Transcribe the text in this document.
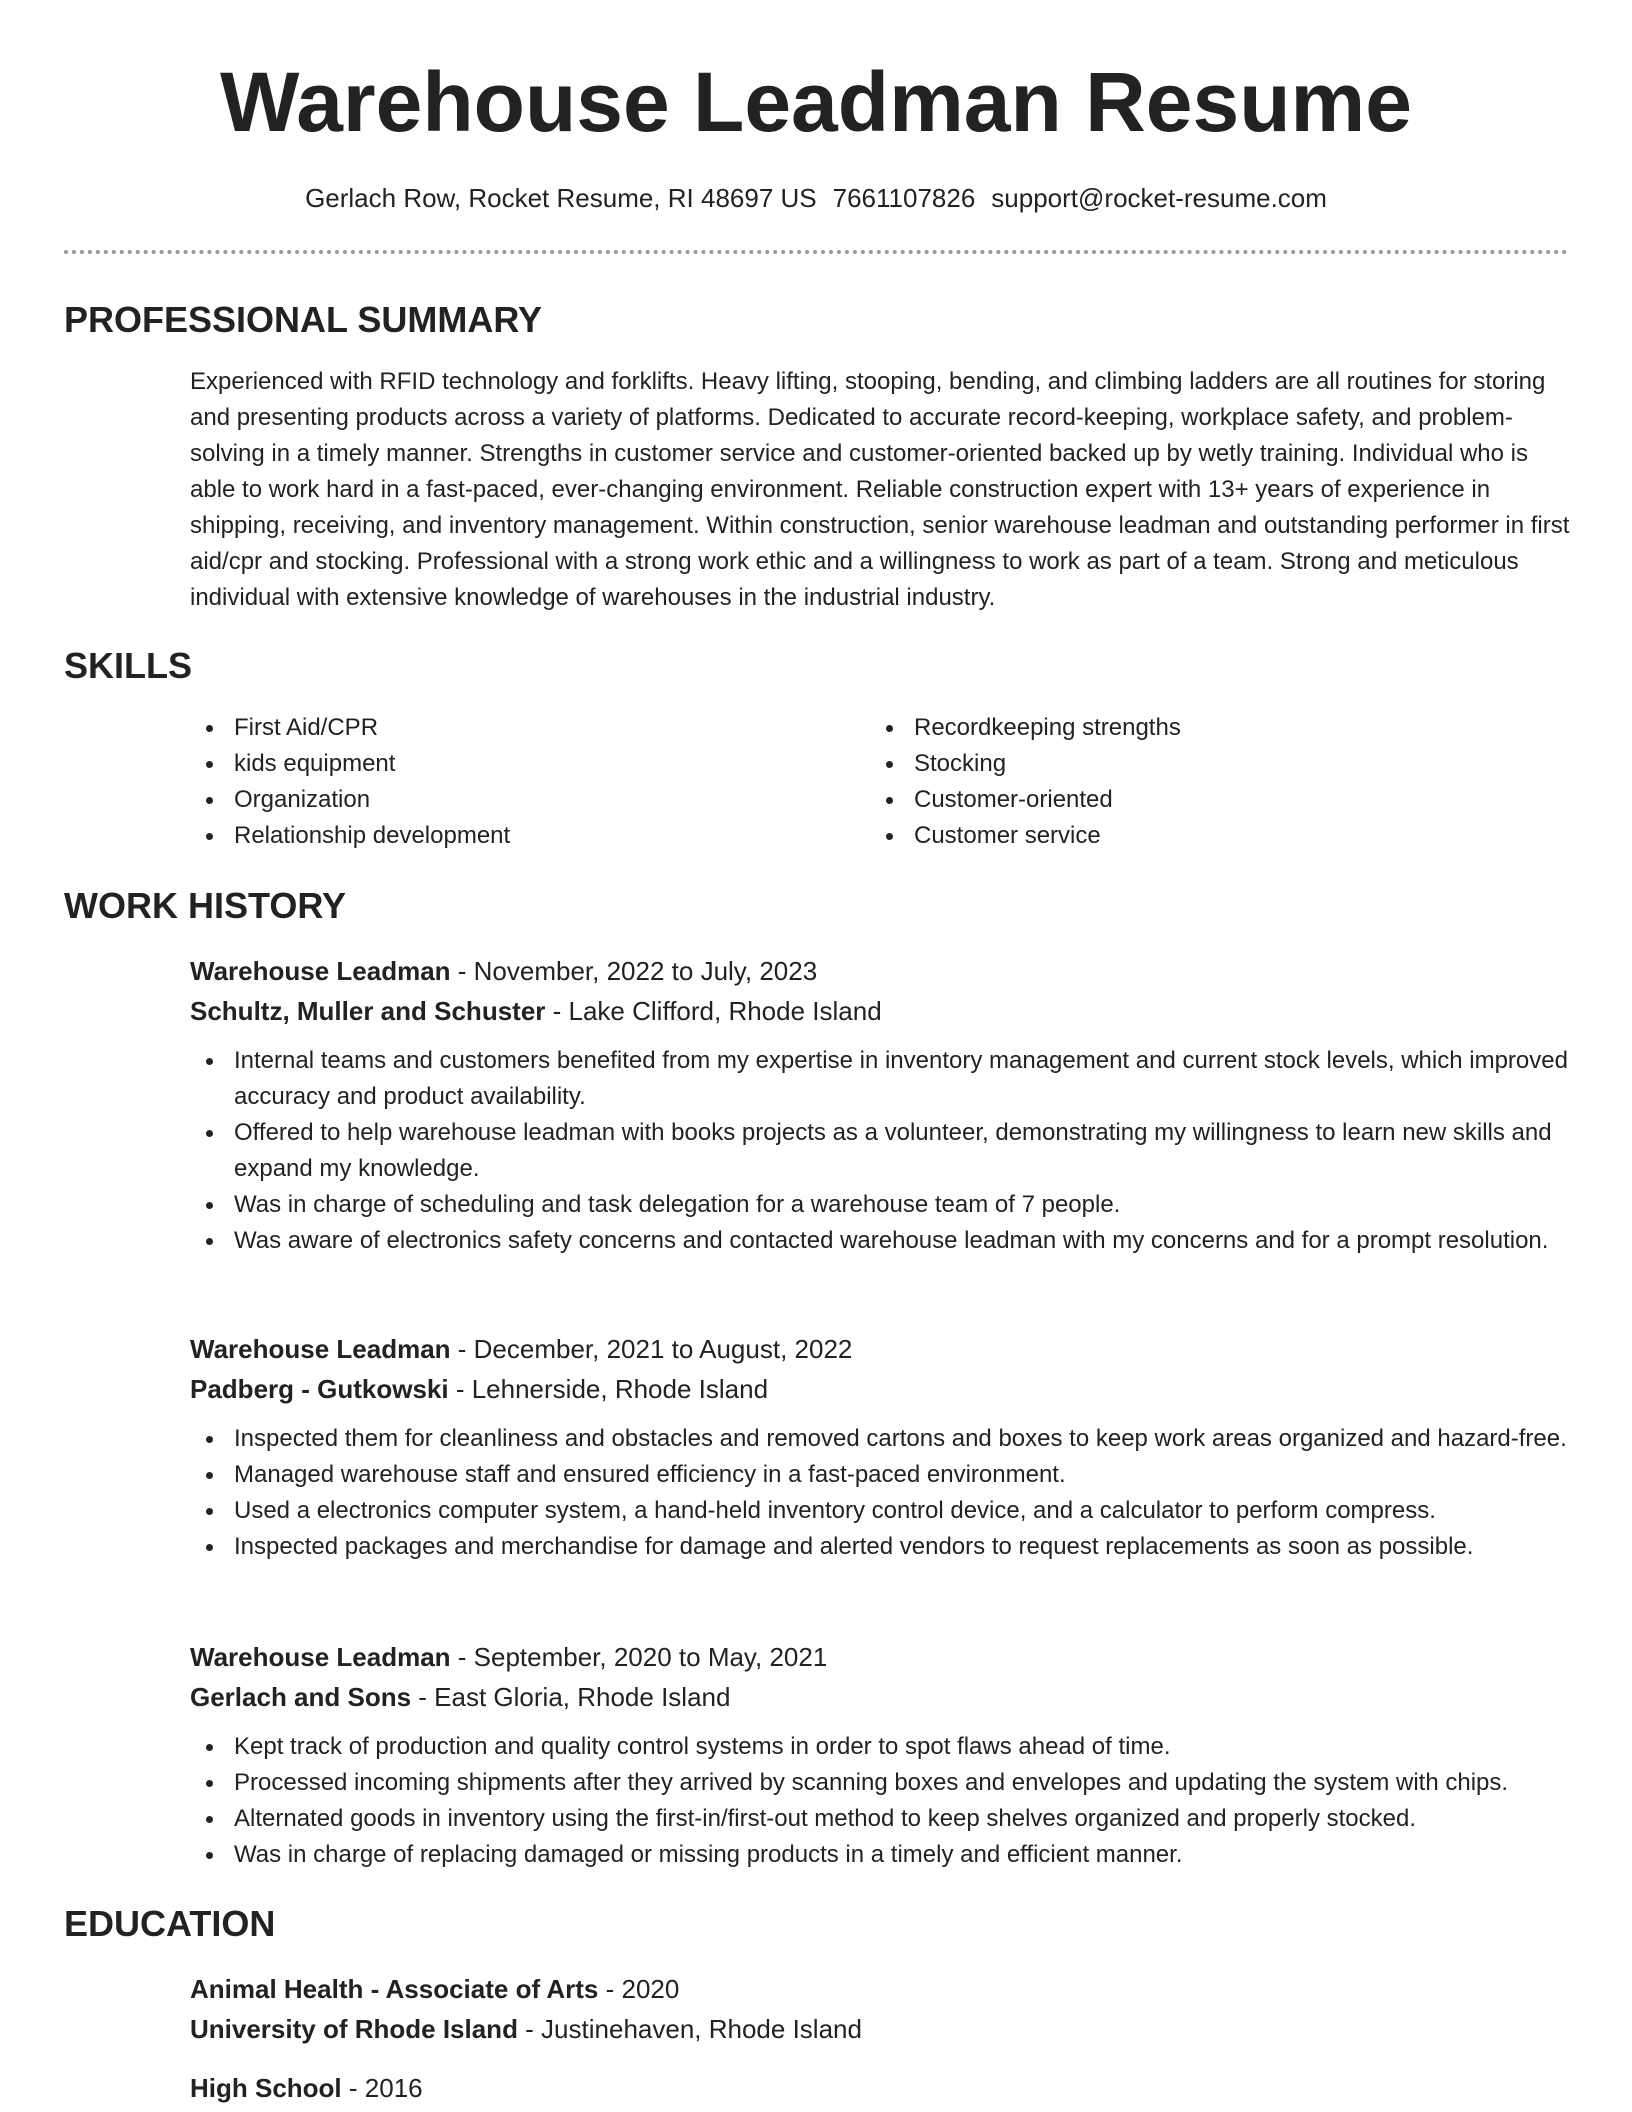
Warehouse Leadman Resume
Gerlach Row, Rocket Resume, RI 48697 US 7661107826 support@rocket-resume.com
PROFESSIONAL SUMMARY

Experienced with RFID technology and forklifts. Heavy lifting, stooping, bending, and climbing ladders are all routines for storing and presenting products across a variety of platforms. Dedicated to accurate record-keeping, workplace safety, and problem-solving in a timely manner. Strengths in customer service and customer-oriented backed up by wetly training. Individual who is able to work hard in a fast-paced, ever-changing environment. Reliable construction expert with 13+ years of experience in shipping, receiving, and inventory management. Within construction, senior warehouse leadman and outstanding performer in first aid/cpr and stocking. Professional with a strong work ethic and a willingness to work as part of a team. Strong and meticulous individual with extensive knowledge of warehouses in the industrial industry.

SKILLS
First Aid/CPR	Recordkeeping strengths
kids equipment	Stocking
Organization	Customer-oriented
Relationship development	Customer service
WORK HISTORY
Warehouse Leadman - November, 2022 to July, 2023
Schultz, Muller and Schuster - Lake Clifford, Rhode Island
Internal teams and customers benefited from my expertise in inventory management and current stock levels, which improved accuracy and product availability.
Offered to help warehouse leadman with books projects as a volunteer, demonstrating my willingness to learn new skills and expand my knowledge.
Was in charge of scheduling and task delegation for a warehouse team of 7 people.
Was aware of electronics safety concerns and contacted warehouse leadman with my concerns and for a prompt resolution.
Warehouse Leadman - December, 2021 to August, 2022
Padberg - Gutkowski - Lehnerside, Rhode Island
Inspected them for cleanliness and obstacles and removed cartons and boxes to keep work areas organized and hazard-free.
Managed warehouse staff and ensured efficiency in a fast-paced environment.
Used a electronics computer system, a hand-held inventory control device, and a calculator to perform compress.
Inspected packages and merchandise for damage and alerted vendors to request replacements as soon as possible.
Warehouse Leadman - September, 2020 to May, 2021
Gerlach and Sons - East Gloria, Rhode Island
Kept track of production and quality control systems in order to spot flaws ahead of time.
Processed incoming shipments after they arrived by scanning boxes and envelopes and updating the system with chips.
Alternated goods in inventory using the first-in/first-out method to keep shelves organized and properly stocked.
Was in charge of replacing damaged or missing products in a timely and efficient manner.
EDUCATION
Animal Health - Associate of Arts - 2020
University of Rhode Island - Justinehaven, Rhode Island
High School - 2016
